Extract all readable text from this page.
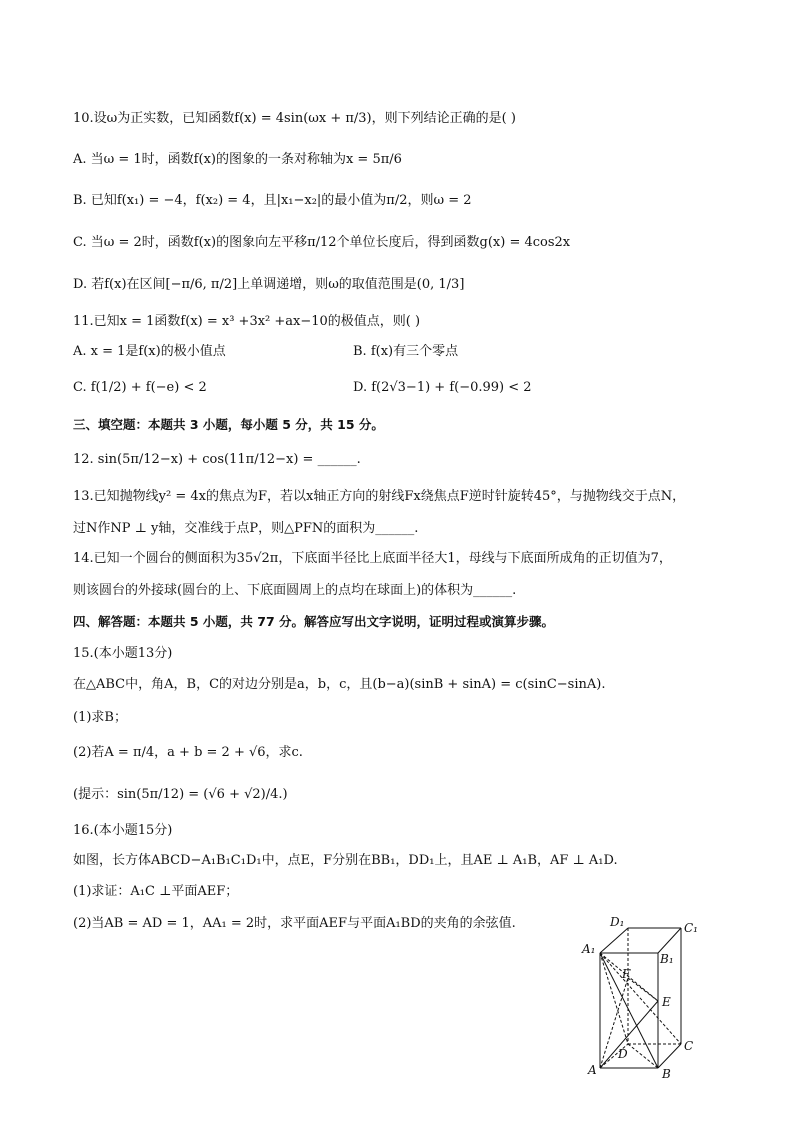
10.设ω为正实数，已知函数f(x) = 4sin(ωx + π/3)，则下列结论正确的是( )
A. 当ω = 1时，函数f(x)的图象的一条对称轴为x = 5π/6
B. 已知f(x₁) = −4，f(x₂) = 4，且|x₁−x₂|的最小值为π/2，则ω = 2
C. 当ω = 2时，函数f(x)的图象向左平移π/12个单位长度后，得到函数g(x) = 4cos2x
D. 若f(x)在区间[−π/6, π/2]上单调递增，则ω的取值范围是(0, 1/3]
11.已知x = 1函数f(x) = x³ +3x² +ax−10的极值点，则( )
A. x = 1是f(x)的极小值点	B. f(x)有三个零点
C. f(1/2) + f(−e) < 2	D. f(2√3−1) + f(−0.99) < 2
三、填空题：本题共 3 小题，每小题 5 分，共 15 分。
12. sin(5π/12−x) + cos(11π/12−x) = ______.
13.已知抛物线y² = 4x的焦点为F，若以x轴正方向的射线Fx绕焦点F逆时针旋转45°，与抛物线交于点N，
过N作NP ⊥ y轴，交准线于点P，则△PFN的面积为______.
14.已知一个圆台的侧面积为35√2π，下底面半径比上底面半径大1，母线与下底面所成角的正切值为7，
则该圆台的外接球(圆台的上、下底面圆周上的点均在球面上)的体积为______.
四、解答题：本题共 5 小题，共 77 分。解答应写出文字说明，证明过程或演算步骤。
15.(本小题13分)
在△ABC中，角A，B，C的对边分别是a，b，c，且(b−a)(sinB + sinA) = c(sinC−sinA).
(1)求B；
(2)若A = π/4，a + b = 2 + √6，求c.
(提示：sin(5π/12) = (√6 + √2)/4.)
16.(本小题15分)
如图，长方体ABCD−A₁B₁C₁D₁中，点E，F分别在BB₁，DD₁上，且AE ⊥ A₁B，AF ⊥ A₁D.
(1)求证：A₁C ⊥平面AEF；
(2)当AB = AD = 1，AA₁ = 2时，求平面AEF与平面A₁BD的夹角的余弦值.
A₁
B₁
C₁
D₁
A	B
C
D
E
F
